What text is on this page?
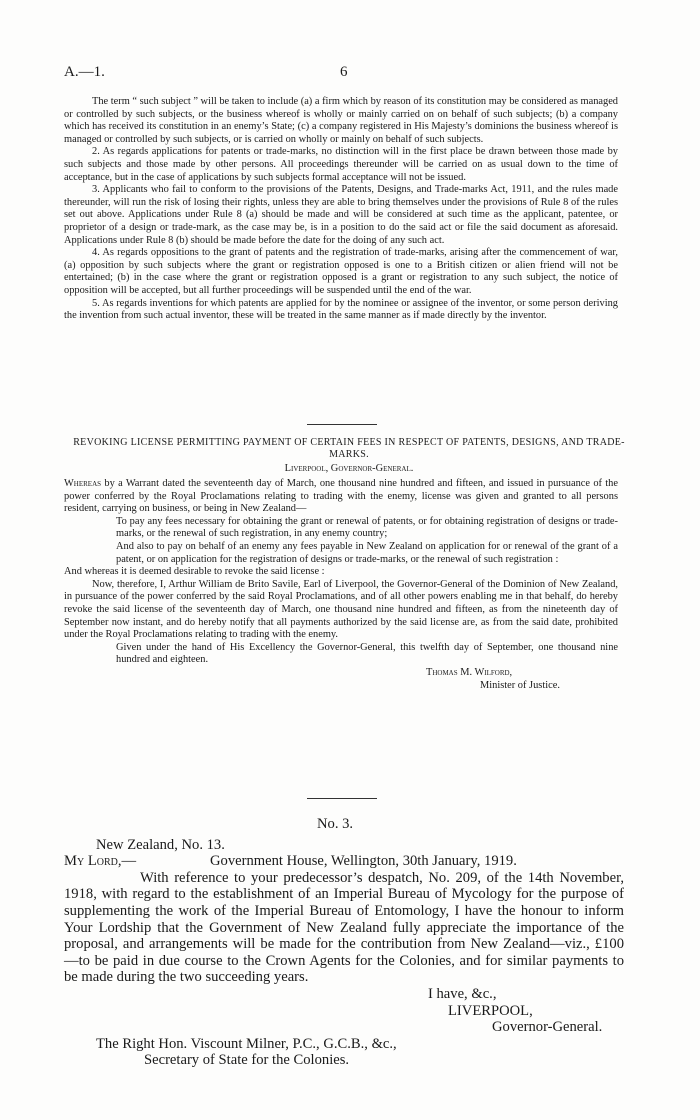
A.—1.	6

The term “ such subject ” will be taken to include (a) a firm which by reason of its constitution may be considered as managed or controlled by such subjects, or the business whereof is wholly or mainly carried on on behalf of such subjects; (b) a company which has received its constitution in an enemy’s State; (c) a company registered in His Majesty’s dominions the business whereof is managed or controlled by such subjects, or is carried on wholly or mainly on behalf of such subjects.

2. As regards applications for patents or trade-marks, no distinction will in the first place be drawn between those made by such subjects and those made by other persons. All proceedings thereunder will be carried on as usual down to the time of acceptance, but in the case of applications by such subjects formal acceptance will not be issued.

3. Applicants who fail to conform to the provisions of the Patents, Designs, and Trade-marks Act, 1911, and the rules made thereunder, will run the risk of losing their rights, unless they are able to bring themselves under the provisions of Rule 8 of the rules set out above. Applications under Rule 8 (a) should be made and will be considered at such time as the applicant, patentee, or proprietor of a design or trade-mark, as the case may be, is in a position to do the said act or file the said document as aforesaid. Applications under Rule 8 (b) should be made before the date for the doing of any such act.

4. As regards oppositions to the grant of patents and the registration of trade-marks, arising after the commencement of war, (a) opposition by such subjects where the grant or registration opposed is one to a British citizen or alien friend will not be entertained; (b) in the case where the grant or registration opposed is a grant or registration to any such subject, the notice of opposition will be accepted, but all further proceedings will be suspended until the end of the war.

5. As regards inventions for which patents are applied for by the nominee or assignee of the inventor, or some person deriving the invention from such actual inventor, these will be treated in the same manner as if made directly by the inventor.

REVOKING LICENSE PERMITTING PAYMENT OF CERTAIN FEES IN RESPECT OF PATENTS, DESIGNS, AND TRADE-MARKS.
Liverpool, Governor-General.

Whereas by a Warrant dated the seventeenth day of March, one thousand nine hundred and fifteen, and issued in pursuance of the power conferred by the Royal Proclamations relating to trading with the enemy, license was given and granted to all persons resident, carrying on business, or being in New Zealand—

To pay any fees necessary for obtaining the grant or renewal of patents, or for obtaining registration of designs or trade-marks, or the renewal of such registration, in any enemy country;

And also to pay on behalf of an enemy any fees payable in New Zealand on application for or renewal of the grant of a patent, or on application for the registration of designs or trade-marks, or the renewal of such registration :

And whereas it is deemed desirable to revoke the said license :

Now, therefore, I, Arthur William de Brito Savile, Earl of Liverpool, the Governor-General of the Dominion of New Zealand, in pursuance of the power conferred by the said Royal Proclamations, and of all other powers enabling me in that behalf, do hereby revoke the said license of the seventeenth day of March, one thousand nine hundred and fifteen, as from the nineteenth day of September now instant, and do hereby notify that all payments authorized by the said license are, as from the said date, prohibited under the Royal Proclamations relating to trading with the enemy.

Given under the hand of His Excellency the Governor-General, this twelfth day of September, one thousand nine hundred and eighteen.

Thomas M. Wilford,

Minister of Justice.

No. 3.

New Zealand, No. 13.

My Lord,—	Government House, Wellington, 30th January, 1919.

With reference to your predecessor’s despatch, No. 209, of the 14th November, 1918, with regard to the establishment of an Imperial Bureau of Mycology for the purpose of supplementing the work of the Imperial Bureau of Entomology, I have the honour to inform Your Lordship that the Government of New Zealand fully appreciate the importance of the proposal, and arrangements will be made for the contribution from New Zealand—viz., £100 —to be paid in due course to the Crown Agents for the Colonies, and for similar payments to be made during the two succeeding years.

I have, &c.,

LIVERPOOL,

Governor-General.

The Right Hon. Viscount Milner, P.C., G.C.B., &c.,

Secretary of State for the Colonies.
